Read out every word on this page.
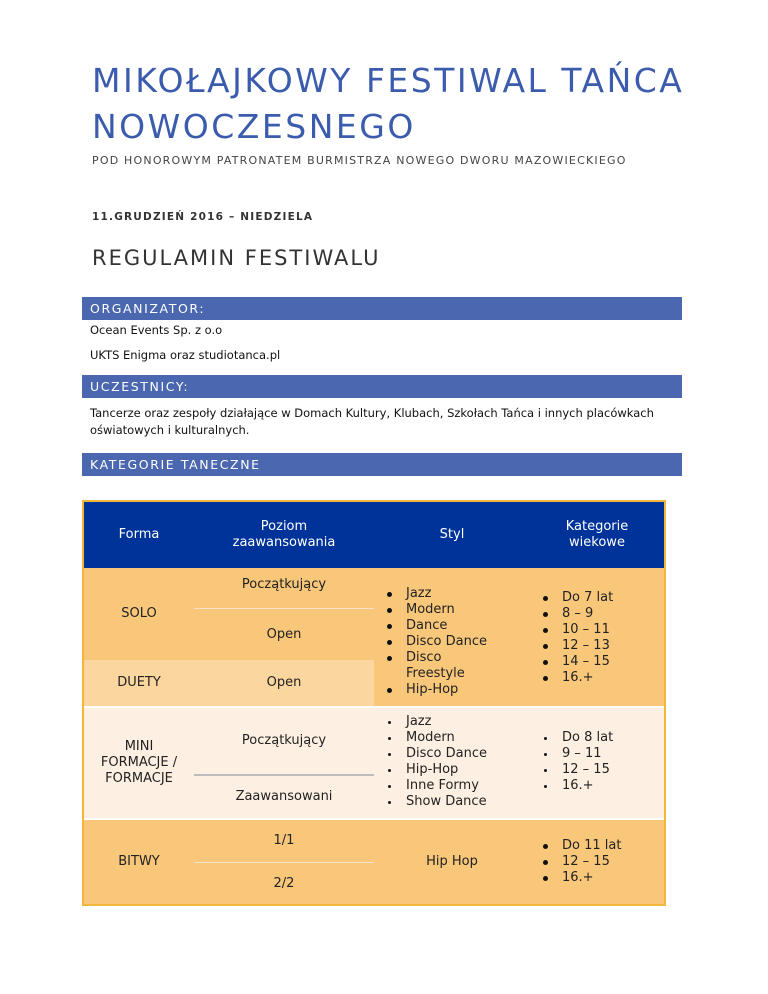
MIKOŁAJKOWY FESTIWAL TAŃCA NOWOCZESNEGO
POD HONOROWYM PATRONATEM BURMISTRZA NOWEGO DWORU MAZOWIECKIEGO
11.GRUDZIEŃ 2016 – NIEDZIELA
REGULAMIN FESTIWALU
ORGANIZATOR:
Ocean Events Sp. z o.o
UKTS Enigma oraz studiotanca.pl
UCZESTNICY:
Tancerze oraz zespoły działające w Domach Kultury, Klubach, Szkołach Tańca i innych placówkach oświatowych i kulturalnych.
KATEGORIE TANECZNE
Forma
Poziom zaawansowania
Styl
Kategorie wiekowe
SOLO
Początkujący
Open
DUETY	Open
Jazz
Modern
Dance
Disco Dance
Disco Freestyle
Hip-Hop
Do 7 lat
8 – 9
10 – 11
12 – 13
14 – 15
16.+
MINI FORMACJE / FORMACJE
Początkujący
Zaawansowani
Jazz
Modern
Disco Dance
Hip-Hop
Inne Formy
Show Dance
Do 8 lat
9 – 11
12 – 15
16.+
BITWY
1/1
2/2
Hip Hop
Do 11 lat
12 – 15
16.+
